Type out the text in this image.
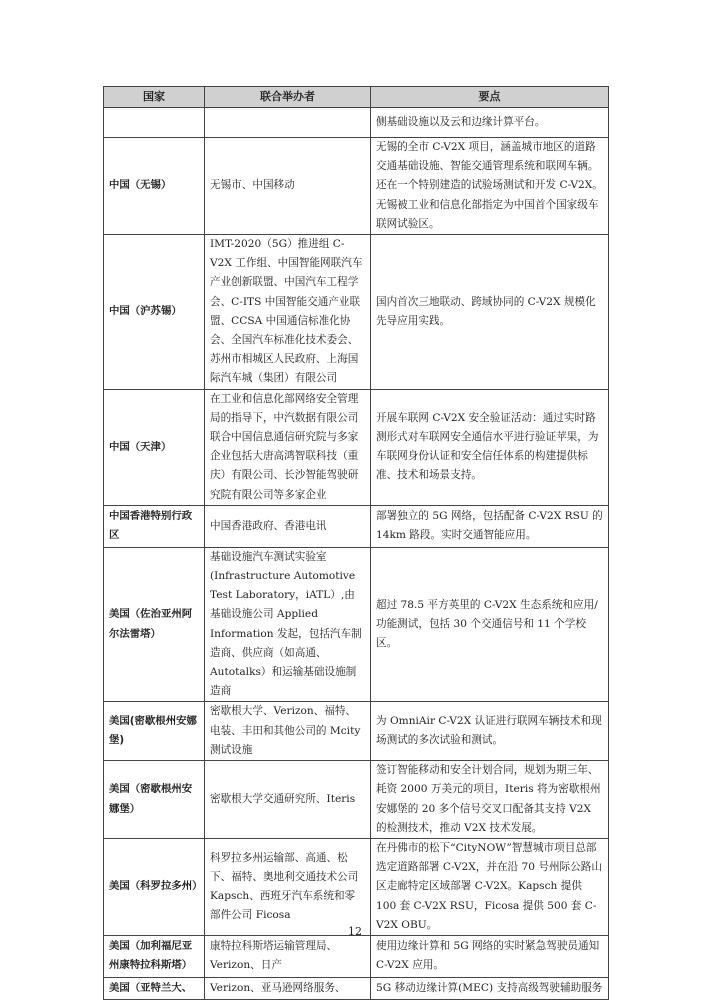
国家	联合举办者	要点
		侧基础设施以及云和边缘计算平台。
中国（无锡）	无锡市、中国移动	无锡的全市 C-V2X 项目，涵盖城市地区的道路交通基础设施、智能交通管理系统和联网车辆。还在一个特别建造的试验场测试和开发 C-V2X。无锡被工业和信息化部指定为中国首个国家级车联网试验区。
中国（沪苏锡）	IMT-2020（5G）推进组 C-V2X 工作组、中国智能网联汽车产业创新联盟、中国汽车工程学会、C-ITS 中国智能交通产业联盟、CCSA 中国通信标准化协会、全国汽车标准化技术委会、苏州市相城区人民政府、上海国际汽车城（集团）有限公司	国内首次三地联动、跨域协同的 C-V2X 规模化先导应用实践。
中国（天津）	在工业和信息化部网络安全管理局的指导下，中汽数据有限公司联合中国信息通信研究院与多家企业包括大唐高鸿智联科技（重庆）有限公司、长沙智能驾驶研究院有限公司等多家企业	开展车联网 C-V2X 安全验证活动：通过实时路测形式对车联网安全通信水平进行验证苹果，为车联网身份认证和安全信任体系的构建提供标准、技术和场景支持。
中国香港特别行政区	中国香港政府、香港电讯	部署独立的 5G 网络，包括配备 C-V2X RSU 的 14km 路段。实时交通智能应用。
美国（佐治亚州阿尔法雷塔）	基础设施汽车测试实验室 (Infrastructure Automotive Test Laboratory，iATL）,由基础设施公司 Applied Information 发起，包括汽车制造商、供应商（如高通、Autotalks）和运输基础设施制造商	超过 78.5 平方英里的 C-V2X 生态系统和应用/功能测试，包括 30 个交通信号和 11 个学校区。
美国(密歇根州安娜堡)	密歇根大学、Verizon、福特、电装、丰田和其他公司的 Mcity 测试设施	为 OmniAir C-V2X 认证进行联网车辆技术和现场测试的多次试验和测试。
美国（密歇根州安娜堡）	密歇根大学交通研究所、Iteris	签订智能移动和安全计划合同，规划为期三年、耗资 2000 万美元的项目，Iteris 将为密歇根州安娜堡的 20 多个信号交叉口配备其支持 V2X 的检测技术，推动 V2X 技术发展。
美国（科罗拉多州）	科罗拉多州运输部、高通、松下、福特、奥地利交通技术公司 Kapsch、西班牙汽车系统和零部件公司 Ficosa	在丹佛市的松下“CityNOW”智慧城市项目总部选定道路部署 C-V2X，并在沿 70 号州际公路山区走廊特定区域部署 C-V2X。Kapsch 提供 100 套 C-V2X RSU，Ficosa 提供 500 套 C-V2X OBU。
美国（加利福尼亚州康特拉科斯塔）	康特拉科斯塔运输管理局、Verizon、日产	使用边缘计算和 5G 网络的实时紧急驾驶员通知 C-V2X 应用。
美国（亚特兰大、	Verizon、亚马逊网络服务、	5G 移动边缘计算(MEC) 支持高级驾驶辅助服务
12
